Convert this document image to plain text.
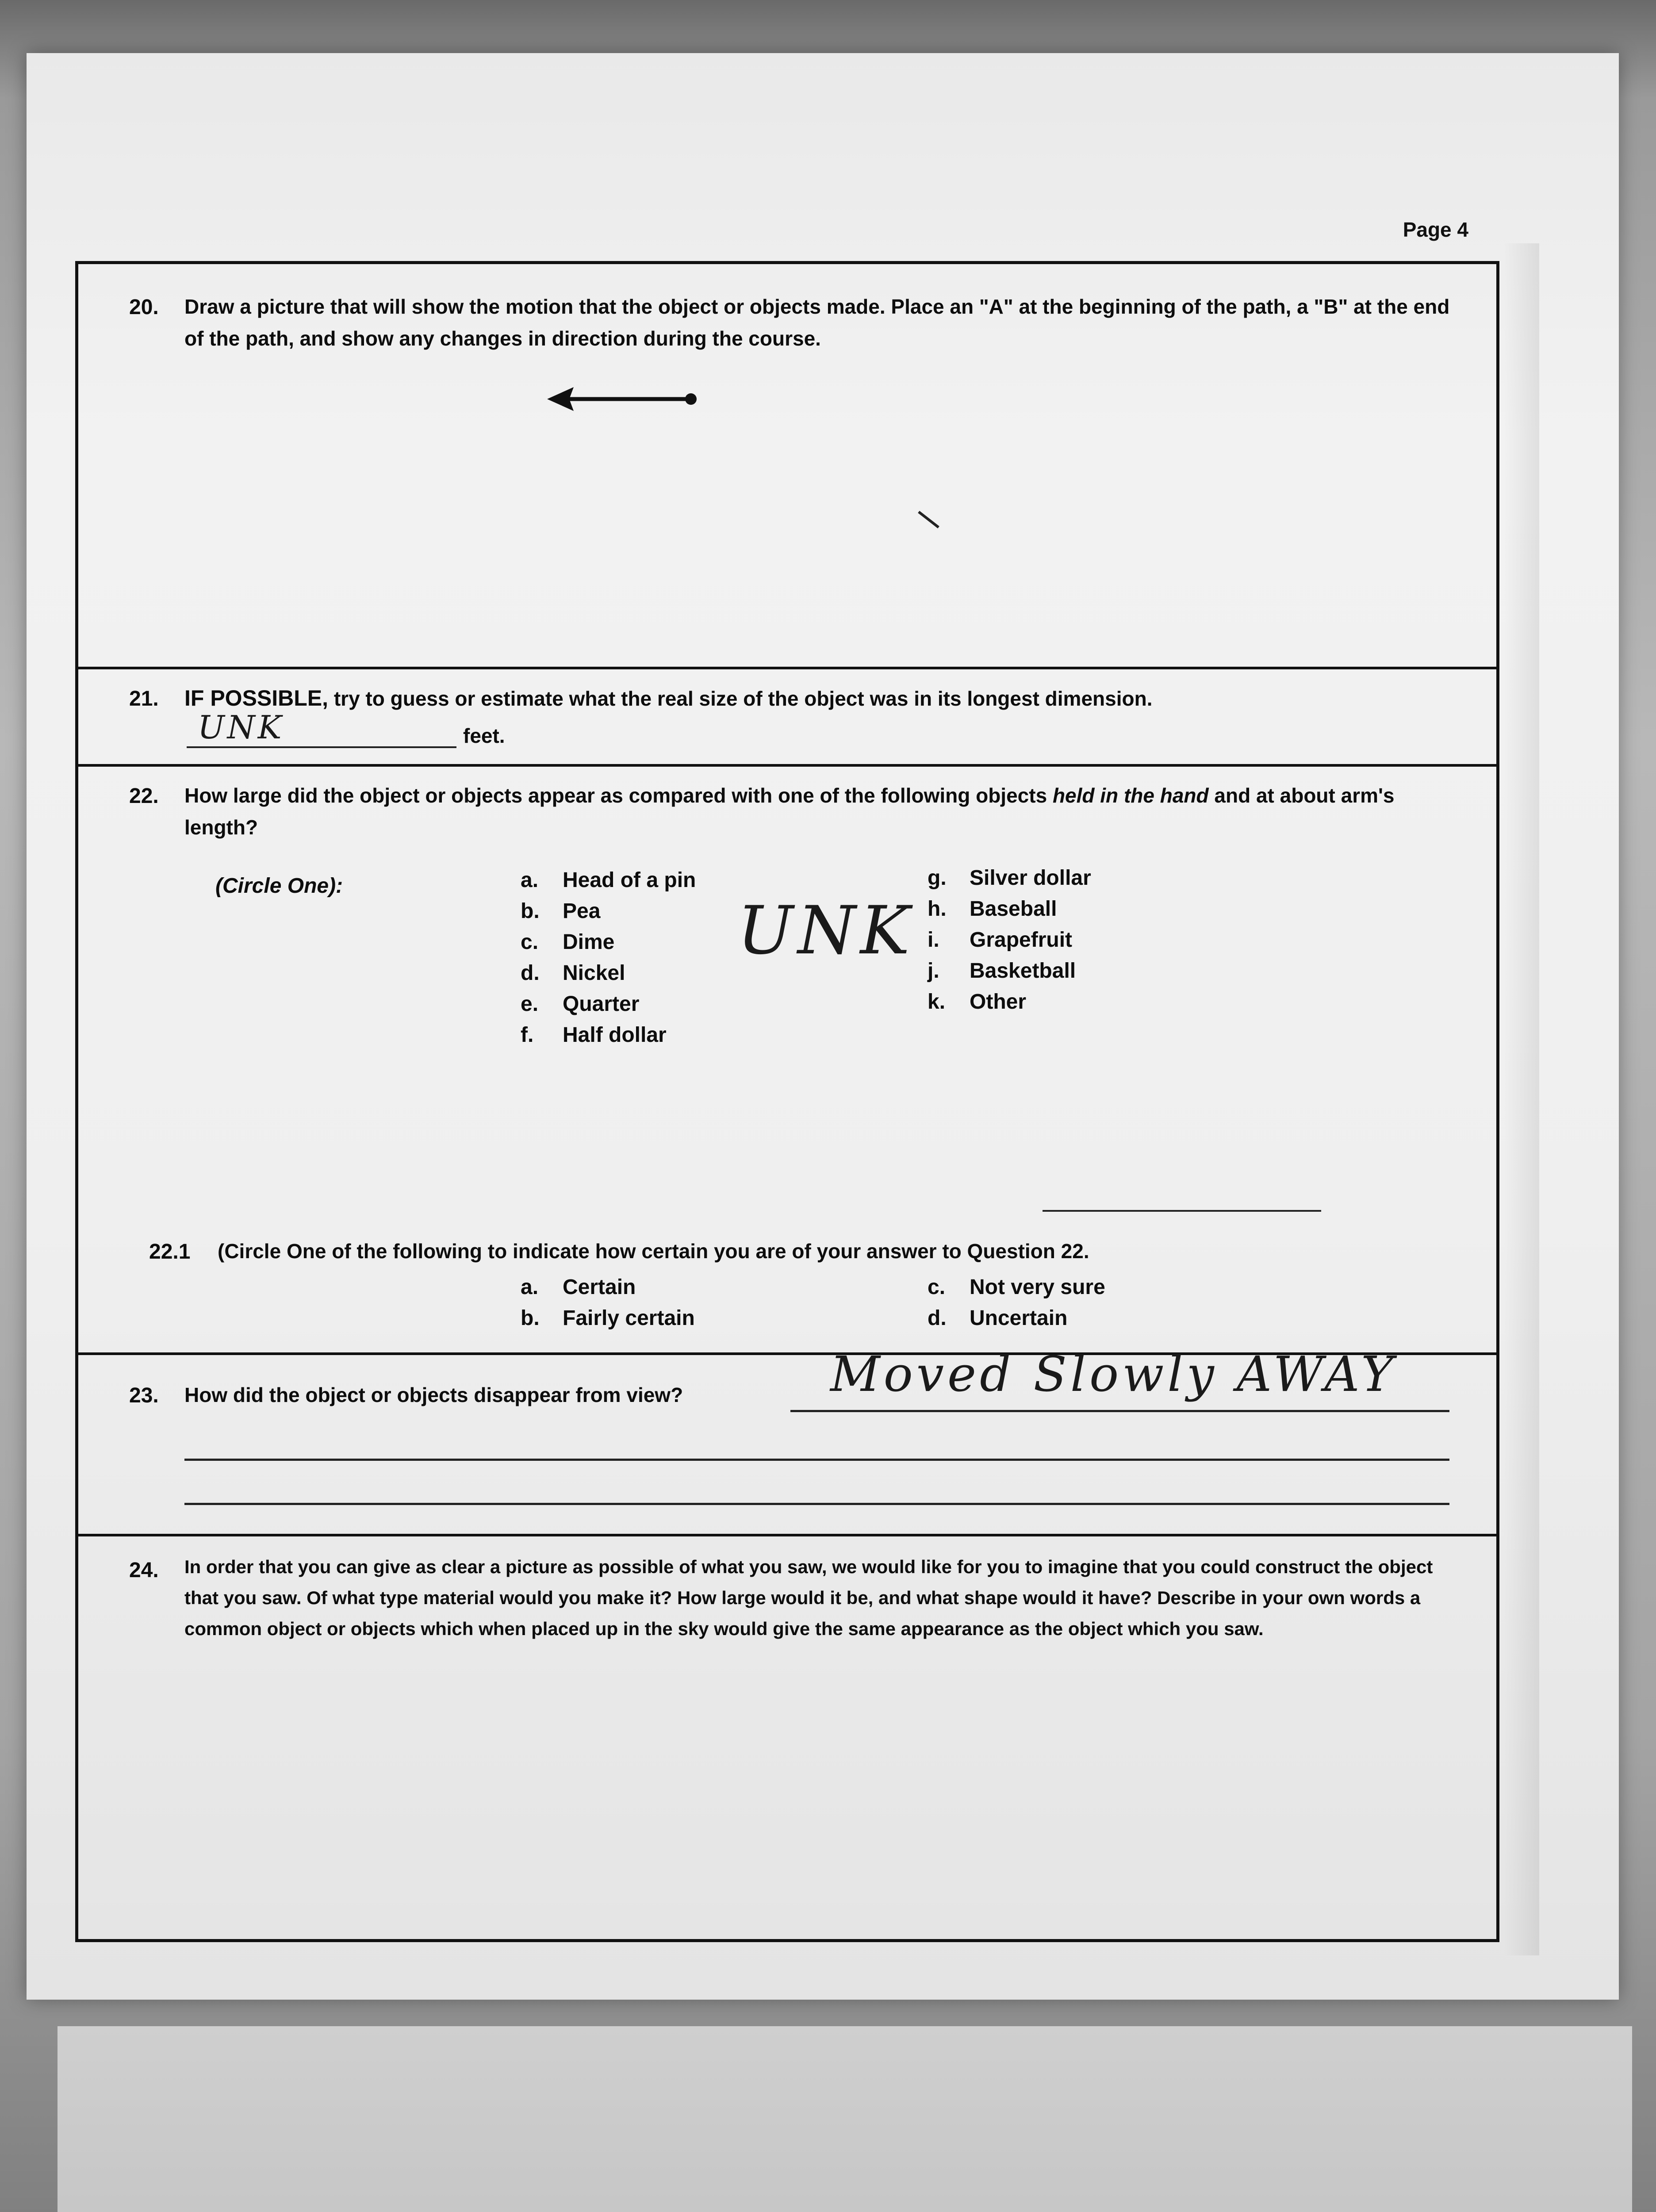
Page 4
20. Draw a picture that will show the motion that the object or objects made. Place an "A" at the beginning of the path, a "B" at the end of the path, and show any changes in direction during the course.
21. IF POSSIBLE, try to guess or estimate what the real size of the object was in its longest dimension.
UNK	feet.
22. How large did the object or objects appear as compared with one of the following objects held in the hand and at about arm's length?
(Circle One):	a. Head of a pin
b. Pea
c. Dime
d. Nickel
e. Quarter
f. Half dollar
g. Silver dollar
h. Baseball
i. Grapefruit
j. Basketball
k. Other
UNK
22.1 (Circle One of the following to indicate how certain you are of your answer to Question 22.
a. Certain
b. Fairly certain
c. Not very sure
d. Uncertain
23. How did the object or objects disappear from view?	Moved Slowly AWAY
24. In order that you can give as clear a picture as possible of what you saw, we would like for you to imagine that you could construct the object that you saw. Of what type material would you make it? How large would it be, and what shape would it have? Describe in your own words a common object or objects which when placed up in the sky would give the same appearance as the object which you saw.
